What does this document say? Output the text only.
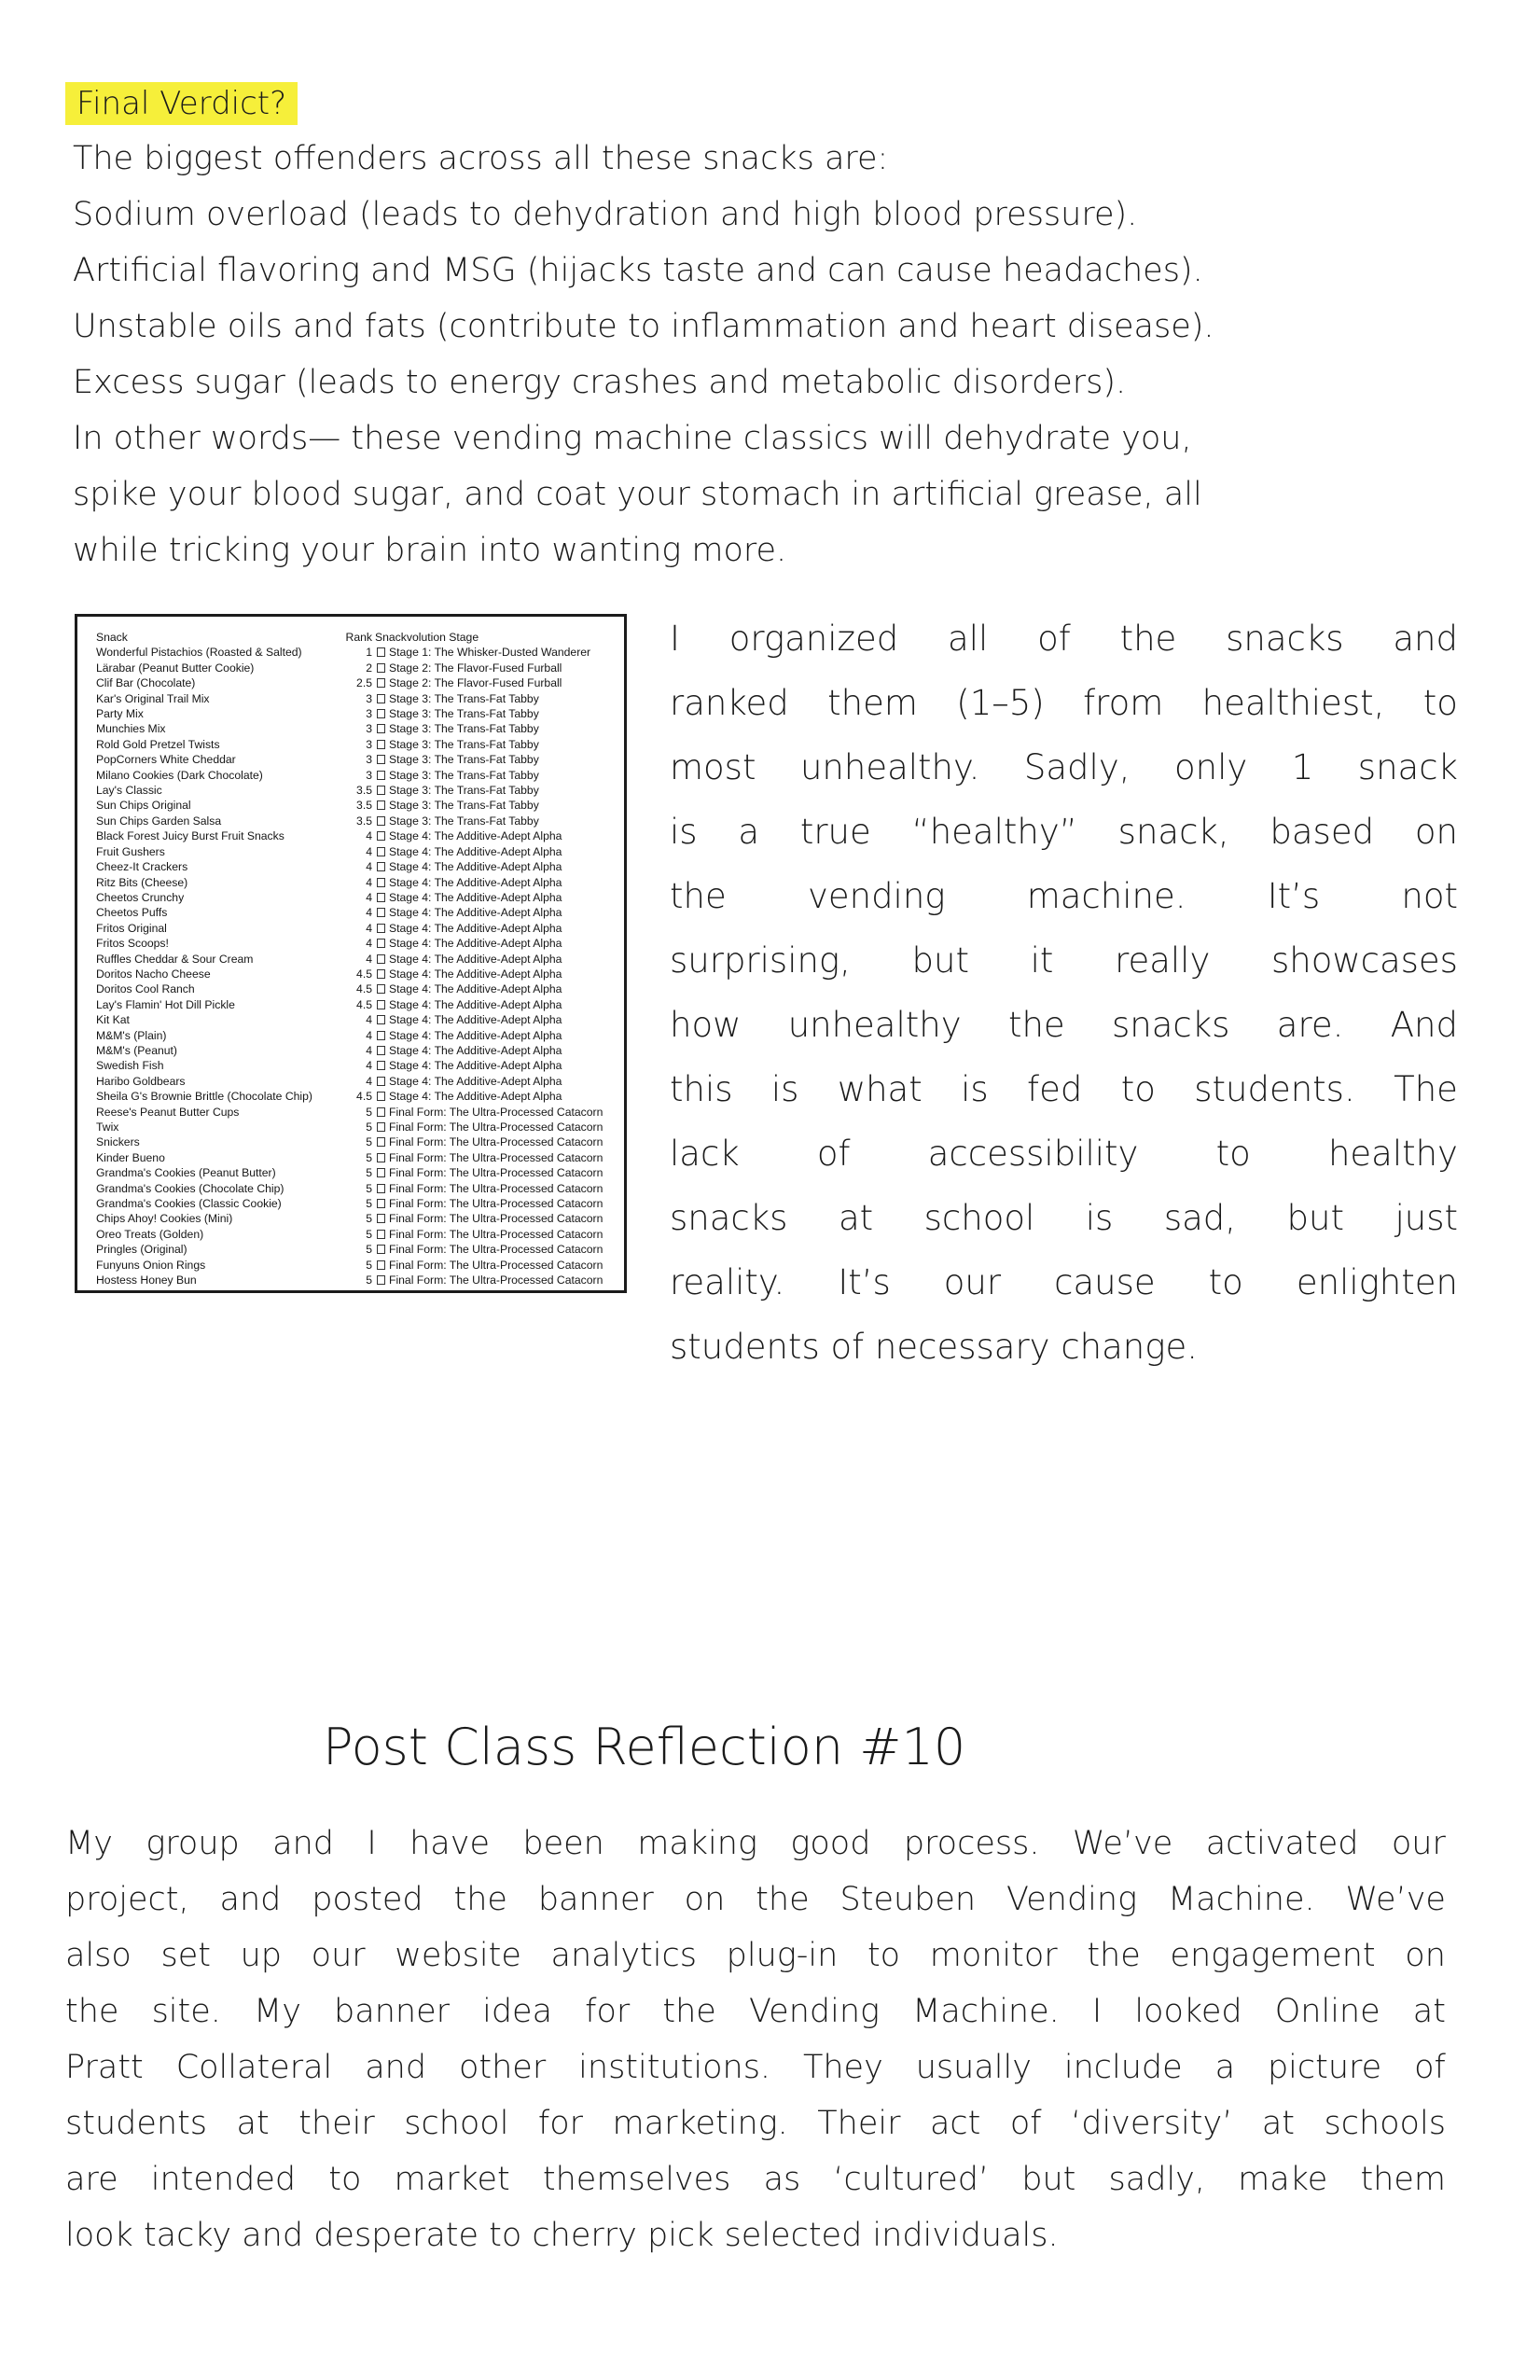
Final Verdict?
The biggest offenders across all these snacks are:
Sodium overload (leads to dehydration and high blood pressure).
Artificial flavoring and MSG (hijacks taste and can cause headaches).
Unstable oils and fats (contribute to inflammation and heart disease).
Excess sugar (leads to energy crashes and metabolic disorders).
In other words— these vending machine classics will dehydrate you,
spike your blood sugar, and coat your stomach in artificial grease, all
while tricking your brain into wanting more.
Snack	Rank	Snackvolution Stage
Wonderful Pistachios (Roasted & Salted)	1	Stage 1: The Whisker-Dusted Wanderer
Lärabar (Peanut Butter Cookie)	2	Stage 2: The Flavor-Fused Furball
Clif Bar (Chocolate)	2.5	Stage 2: The Flavor-Fused Furball
Kar's Original Trail Mix	3	Stage 3: The Trans-Fat Tabby
Party Mix	3	Stage 3: The Trans-Fat Tabby
Munchies Mix	3	Stage 3: The Trans-Fat Tabby
Rold Gold Pretzel Twists	3	Stage 3: The Trans-Fat Tabby
PopCorners White Cheddar	3	Stage 3: The Trans-Fat Tabby
Milano Cookies (Dark Chocolate)	3	Stage 3: The Trans-Fat Tabby
Lay's Classic	3.5	Stage 3: The Trans-Fat Tabby
Sun Chips Original	3.5	Stage 3: The Trans-Fat Tabby
Sun Chips Garden Salsa	3.5	Stage 3: The Trans-Fat Tabby
Black Forest Juicy Burst Fruit Snacks	4	Stage 4: The Additive-Adept Alpha
Fruit Gushers	4	Stage 4: The Additive-Adept Alpha
Cheez-It Crackers	4	Stage 4: The Additive-Adept Alpha
Ritz Bits (Cheese)	4	Stage 4: The Additive-Adept Alpha
Cheetos Crunchy	4	Stage 4: The Additive-Adept Alpha
Cheetos Puffs	4	Stage 4: The Additive-Adept Alpha
Fritos Original	4	Stage 4: The Additive-Adept Alpha
Fritos Scoops!	4	Stage 4: The Additive-Adept Alpha
Ruffles Cheddar & Sour Cream	4	Stage 4: The Additive-Adept Alpha
Doritos Nacho Cheese	4.5	Stage 4: The Additive-Adept Alpha
Doritos Cool Ranch	4.5	Stage 4: The Additive-Adept Alpha
Lay's Flamin' Hot Dill Pickle	4.5	Stage 4: The Additive-Adept Alpha
Kit Kat	4	Stage 4: The Additive-Adept Alpha
M&M's (Plain)	4	Stage 4: The Additive-Adept Alpha
M&M's (Peanut)	4	Stage 4: The Additive-Adept Alpha
Swedish Fish	4	Stage 4: The Additive-Adept Alpha
Haribo Goldbears	4	Stage 4: The Additive-Adept Alpha
Sheila G's Brownie Brittle (Chocolate Chip)	4.5	Stage 4: The Additive-Adept Alpha
Reese's Peanut Butter Cups	5	Final Form: The Ultra-Processed Catacorn
Twix	5	Final Form: The Ultra-Processed Catacorn
Snickers	5	Final Form: The Ultra-Processed Catacorn
Kinder Bueno	5	Final Form: The Ultra-Processed Catacorn
Grandma's Cookies (Peanut Butter)	5	Final Form: The Ultra-Processed Catacorn
Grandma's Cookies (Chocolate Chip)	5	Final Form: The Ultra-Processed Catacorn
Grandma's Cookies (Classic Cookie)	5	Final Form: The Ultra-Processed Catacorn
Chips Ahoy! Cookies (Mini)	5	Final Form: The Ultra-Processed Catacorn
Oreo Treats (Golden)	5	Final Form: The Ultra-Processed Catacorn
Pringles (Original)	5	Final Form: The Ultra-Processed Catacorn
Funyuns Onion Rings	5	Final Form: The Ultra-Processed Catacorn
Hostess Honey Bun	5	Final Form: The Ultra-Processed Catacorn
I organized all of the snacks and
ranked them (1–5) from healthiest, to
most unhealthy. Sadly, only 1 snack
is a true “healthy” snack, based on
the vending machine. It’s not
surprising, but it really showcases
how unhealthy the snacks are. And
this is what is fed to students. The
lack of accessibility to healthy
snacks at school is sad, but just
reality. It’s our cause to enlighten
students of necessary change.
Post Class Reflection #10
My group and I have been making good process. We’ve activated our
project, and posted the banner on the Steuben Vending Machine. We’ve
also set up our website analytics plug-in to monitor the engagement on
the site. My banner idea for the Vending Machine. I looked Online at
Pratt Collateral and other institutions. They usually include a picture of
students at their school for marketing. Their act of ‘diversity’ at schools
are intended to market themselves as ‘cultured’ but sadly, make them
look tacky and desperate to cherry pick selected individuals.
